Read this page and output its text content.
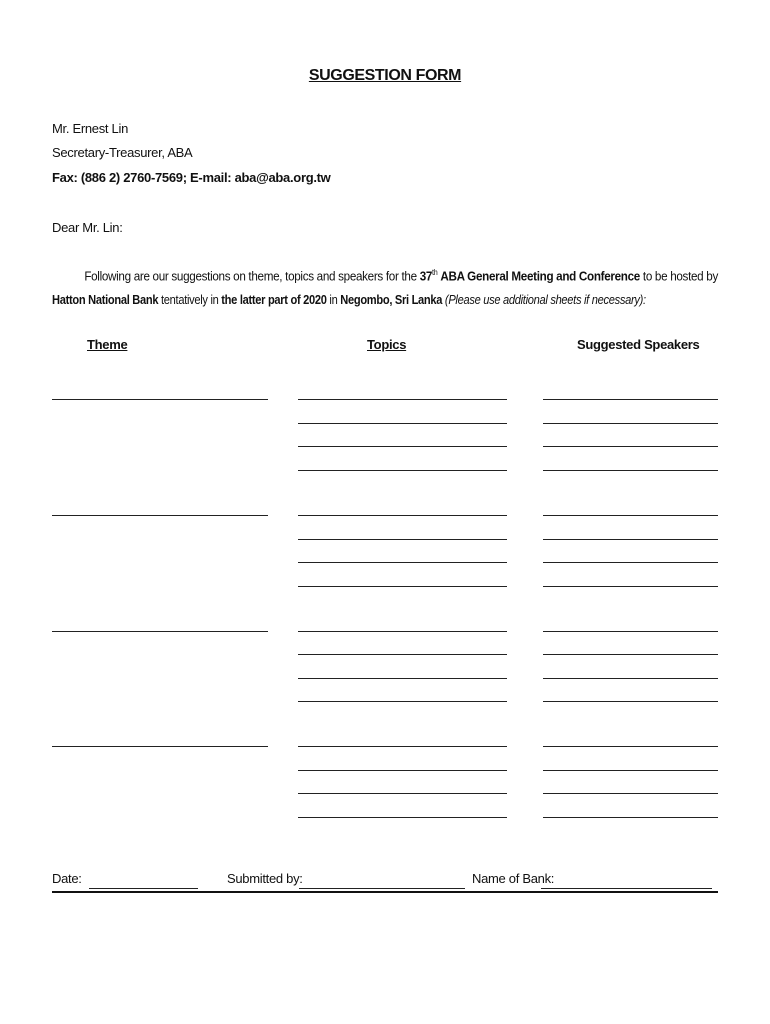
SUGGESTION FORM
Mr. Ernest Lin
Secretary-Treasurer, ABA
Fax: (886 2) 2760-7569; E-mail: aba@aba.org.tw
Dear Mr. Lin:
Following are our suggestions on theme, topics and speakers for the 37th ABA General Meeting and Conference to be hosted by
Hatton National Bank tentatively in the latter part of 2020 in Negombo, Sri Lanka (Please use additional sheets if necessary):
Theme	Topics	Suggested Speakers
Date:	Submitted by:	Name of Bank:
